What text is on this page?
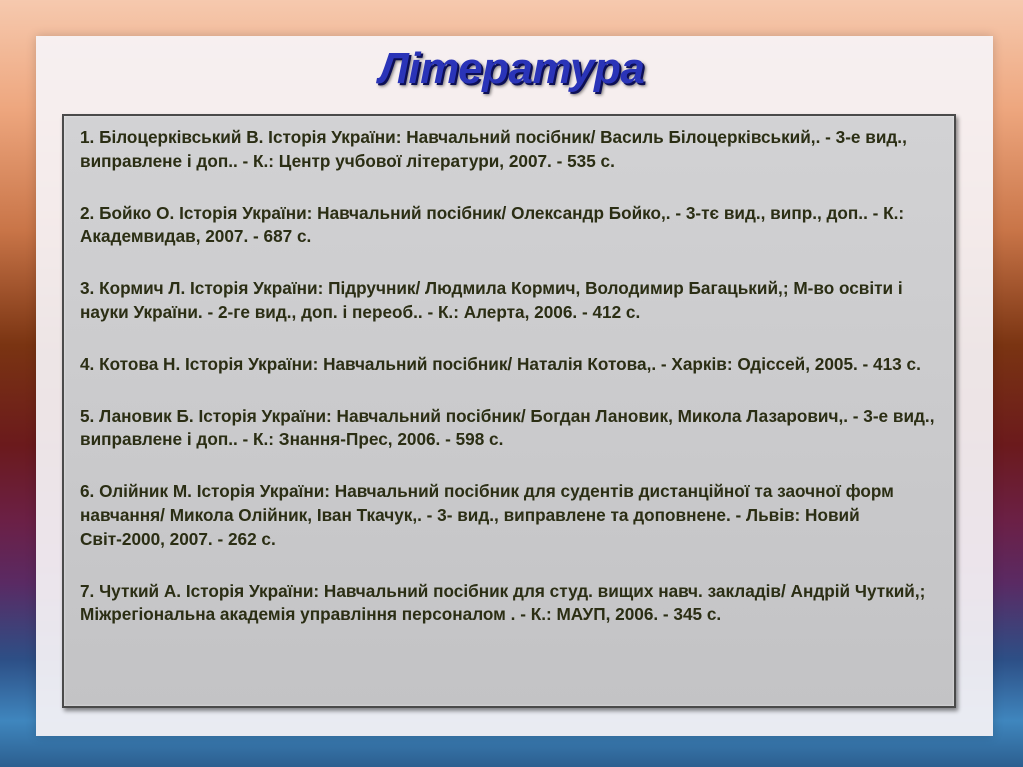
Література

1. Білоцерківський В. Історія України: Навчальний посібник/ Василь Білоцерківський,. - 3-е вид., виправлене і доп.. - К.: Центр учбової літератури, 2007. - 535 с.

2. Бойко О. Історія України: Навчальний посібник/ Олександр Бойко,. - 3-тє вид., випр., доп.. - К.: Академвидав, 2007. - 687 с.

3. Кормич Л. Історія України: Підручник/ Людмила Кормич, Володимир Багацький,; М-во освіти і науки України. - 2-ге вид., доп. і переоб.. - К.: Алерта, 2006. - 412 с.

4. Котова Н. Історія України: Навчальний посібник/ Наталія Котова,. - Харків: Одіссей, 2005. - 413 с.

5. Лановик Б. Історія України: Навчальний посібник/ Богдан Лановик, Микола Лазарович,. - 3-е вид., виправлене і доп.. - К.: Знання-Прес, 2006. - 598 с.

6. Олійник М. Історія України: Навчальний посібник для судентів дистанційної та заочної форм навчання/ Микола Олійник, Іван Ткачук,. - 3- вид., виправлене та доповнене. - Львів: Новий Світ-2000, 2007. - 262 с.

7. Чуткий А. Історія України: Навчальний посібник для студ. вищих навч. закладів/ Андрій Чуткий,; Міжрегіональна академія управління персоналом . - К.: МАУП, 2006. - 345 с.
